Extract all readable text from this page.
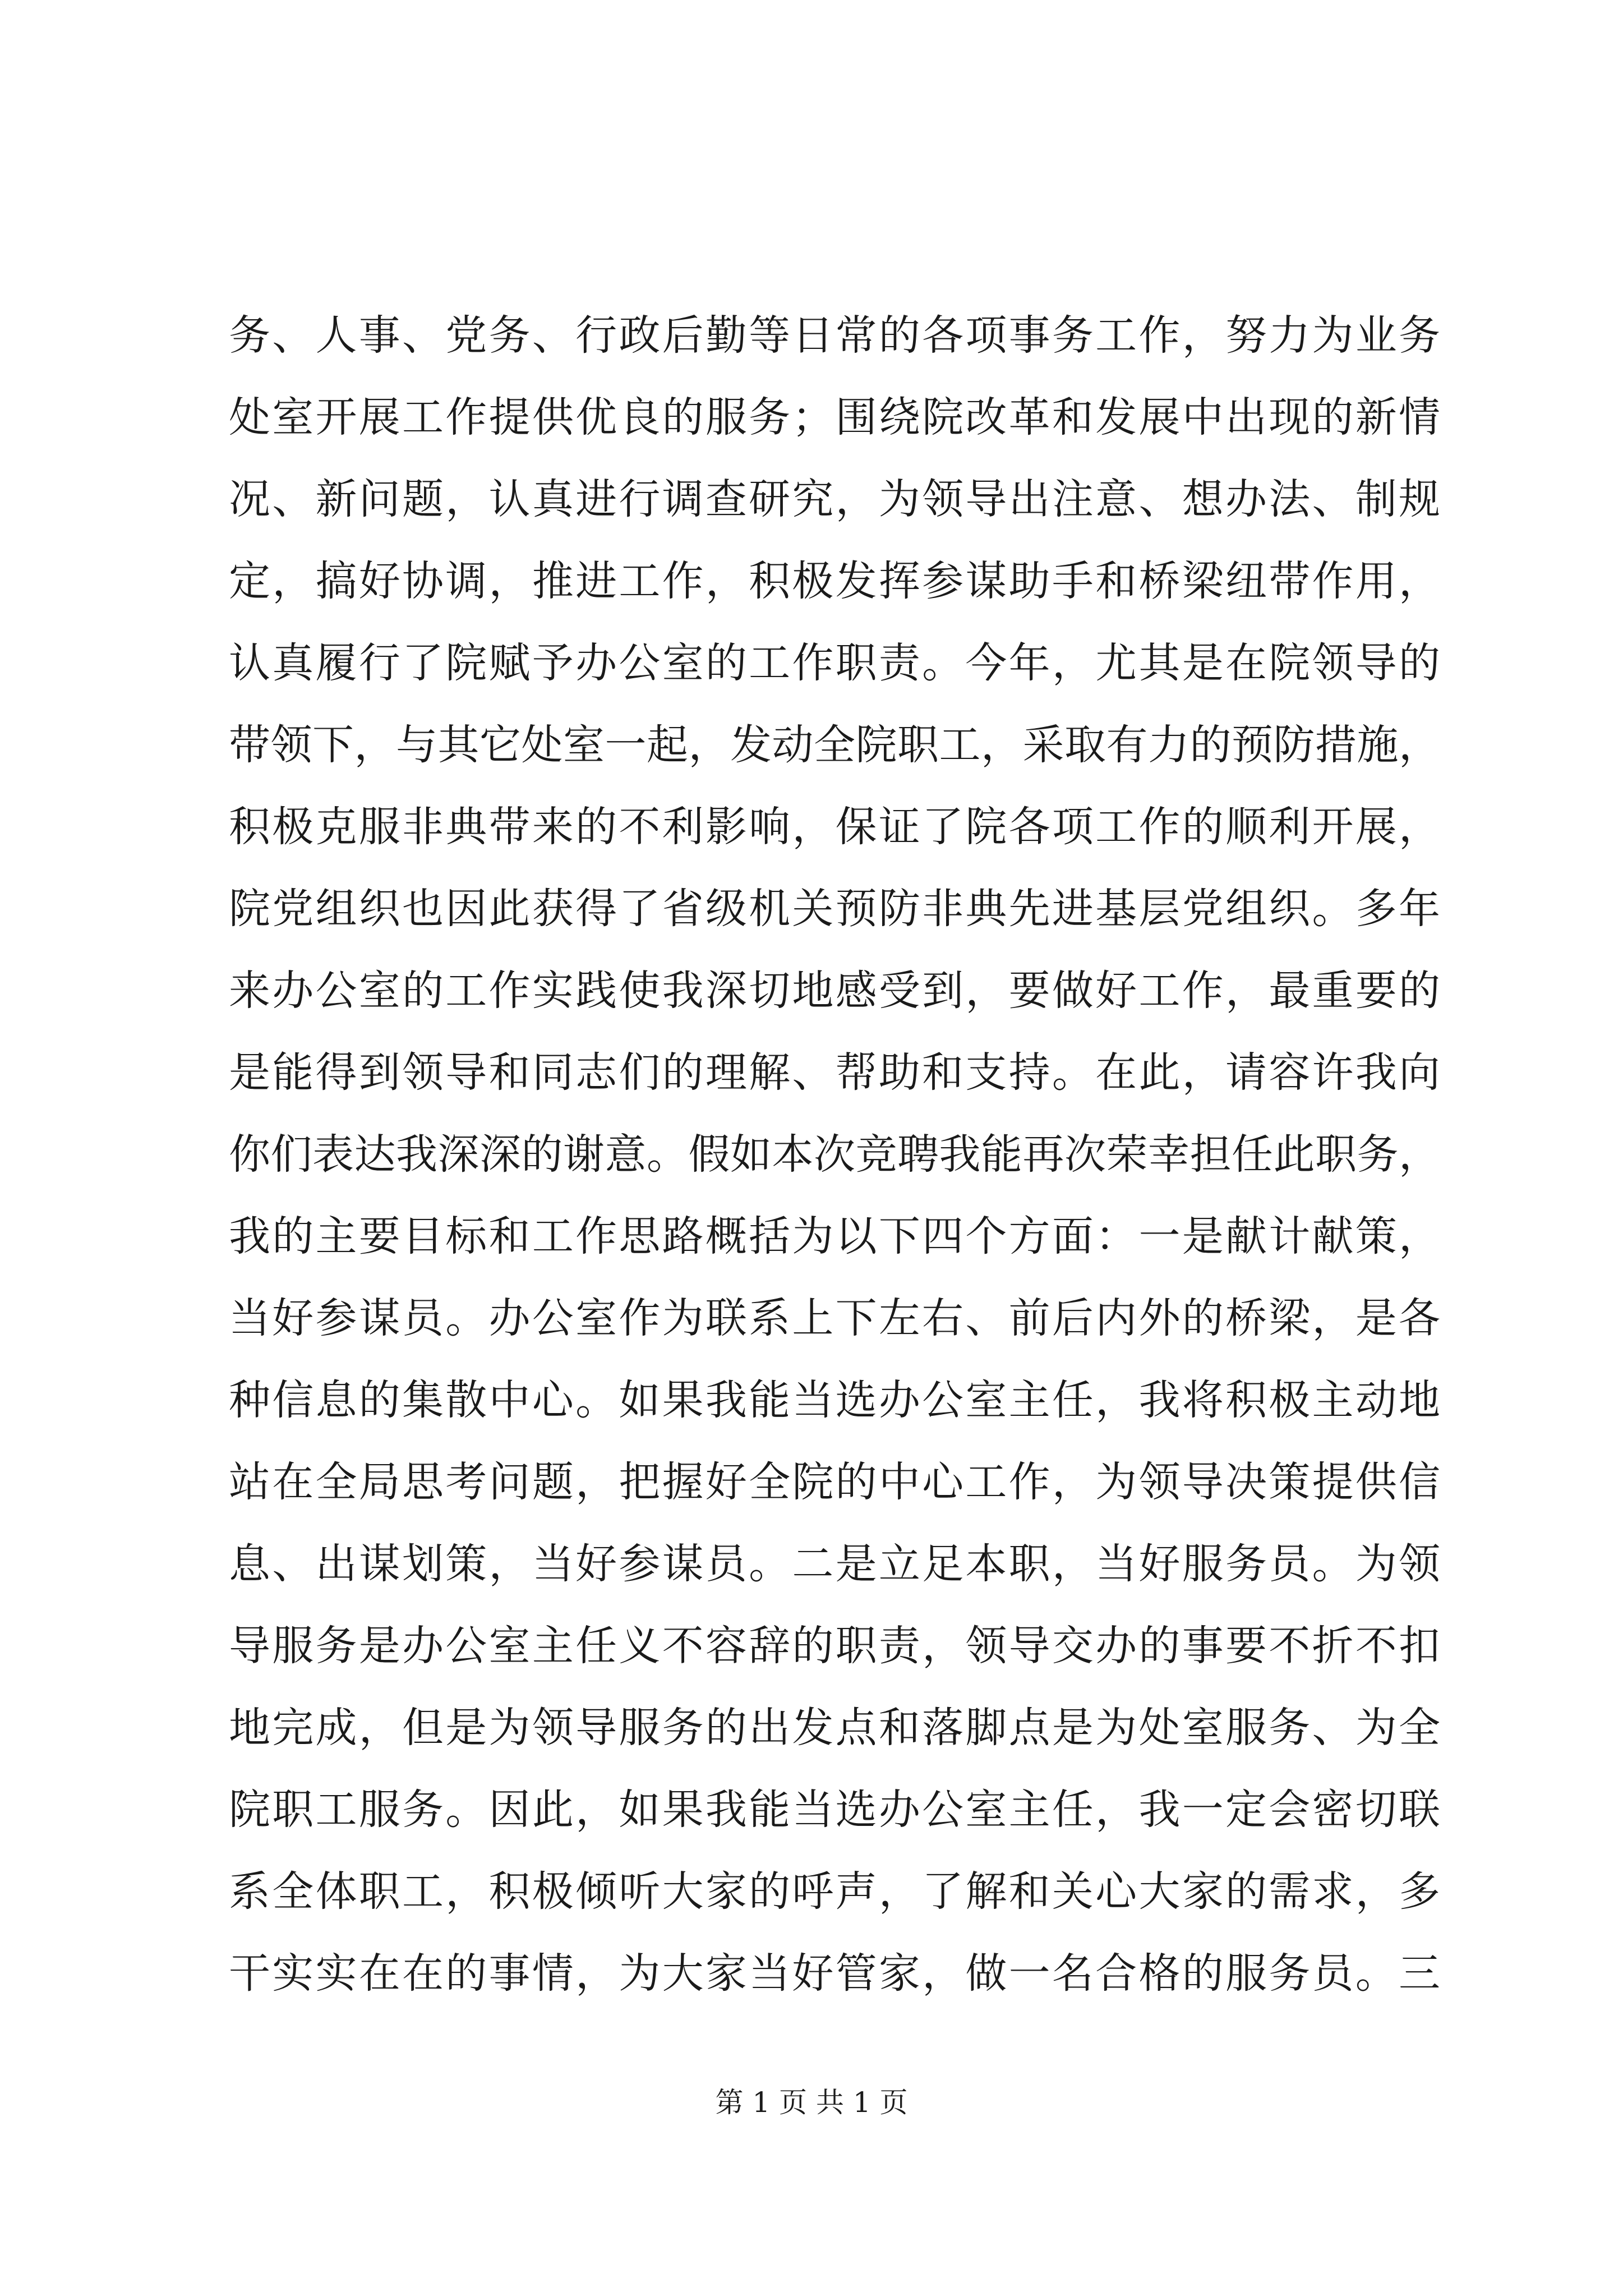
务、人事、党务、行政后勤等日常的各项事务工作，努力为业务
处室开展工作提供优良的服务；围绕院改革和发展中出现的新情
况、新问题，认真进行调查研究，为领导出注意、想办法、制规
定，搞好协调，推进工作，积极发挥参谋助手和桥梁纽带作用，
认真履行了院赋予办公室的工作职责。今年，尤其是在院领导的
带领下，与其它处室一起，发动全院职工，采取有力的预防措施，
积极克服非典带来的不利影响，保证了院各项工作的顺利开展，
院党组织也因此获得了省级机关预防非典先进基层党组织。多年
来办公室的工作实践使我深切地感受到，要做好工作，最重要的
是能得到领导和同志们的理解、帮助和支持。在此，请容许我向
你们表达我深深的谢意。假如本次竞聘我能再次荣幸担任此职务，
我的主要目标和工作思路概括为以下四个方面：一是献计献策，
当好参谋员。办公室作为联系上下左右、前后内外的桥梁，是各
种信息的集散中心。如果我能当选办公室主任，我将积极主动地
站在全局思考问题，把握好全院的中心工作，为领导决策提供信
息、出谋划策，当好参谋员。二是立足本职，当好服务员。为领
导服务是办公室主任义不容辞的职责，领导交办的事要不折不扣
地完成，但是为领导服务的出发点和落脚点是为处室服务、为全
院职工服务。因此，如果我能当选办公室主任，我一定会密切联
系全体职工，积极倾听大家的呼声，了解和关心大家的需求，多
干实实在在的事情，为大家当好管家，做一名合格的服务员。三
第 1 页 共 1 页
